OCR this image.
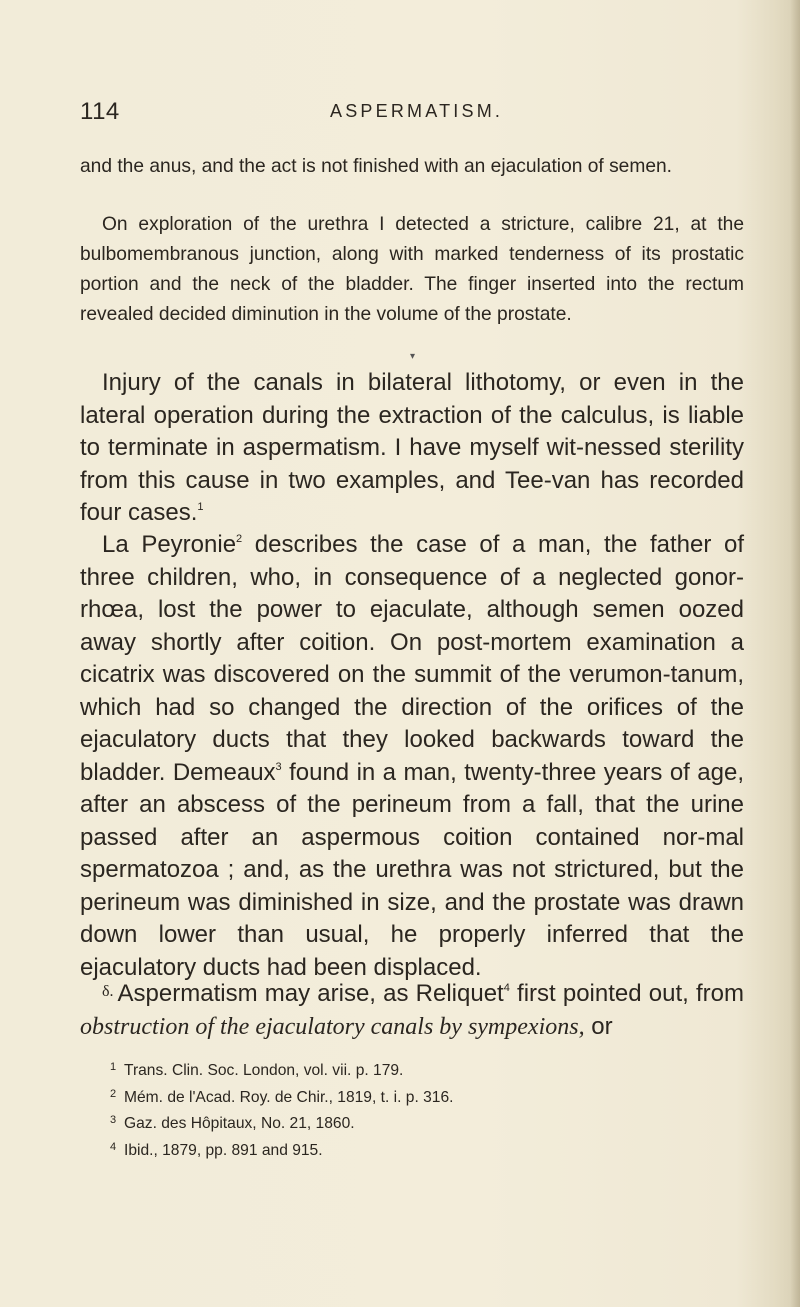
114	ASPERMATISM.

and the anus, and the act is not finished with an ejaculation of semen.

On exploration of the urethra I detected a stricture, calibre 21, at the bulbomembranous junction, along with marked tenderness of its prostatic portion and the neck of the bladder. The finger inserted into the rectum revealed decided diminution in the volume of the prostate.

▾

Injury of the canals in bilateral lithotomy, or even in the lateral operation during the extraction of the calculus, is liable to terminate in aspermatism. I have myself wit-nessed sterility from this cause in two examples, and Tee-van has recorded four cases.$^1$

La Peyronie$^2$ describes the case of a man, the father of three children, who, in consequence of a neglected gonor-rhœa, lost the power to ejaculate, although semen oozed away shortly after coition. On post-mortem examination a cicatrix was discovered on the summit of the verumon-tanum, which had so changed the direction of the orifices of the ejaculatory ducts that they looked backwards toward the bladder. Demeaux$^3$ found in a man, twenty-three years of age, after an abscess of the perineum from a fall, that the urine passed after an aspermous coition contained nor-mal spermatozoa ; and, as the urethra was not strictured, but the perineum was diminished in size, and the prostate was drawn down lower than usual, he properly inferred that the ejaculatory ducts had been displaced.

$^{\delta.}$ Aspermatism may arise, as Reliquet$^4$ first pointed out, from obstruction of the ejaculatory canals by sympexions, or

1 Trans. Clin. Soc. London, vol. vii. p. 179.
2 Mém. de l'Acad. Roy. de Chir., 1819, t. i. p. 316.
3 Gaz. des Hôpitaux, No. 21, 1860.
4 Ibid., 1879, pp. 891 and 915.
